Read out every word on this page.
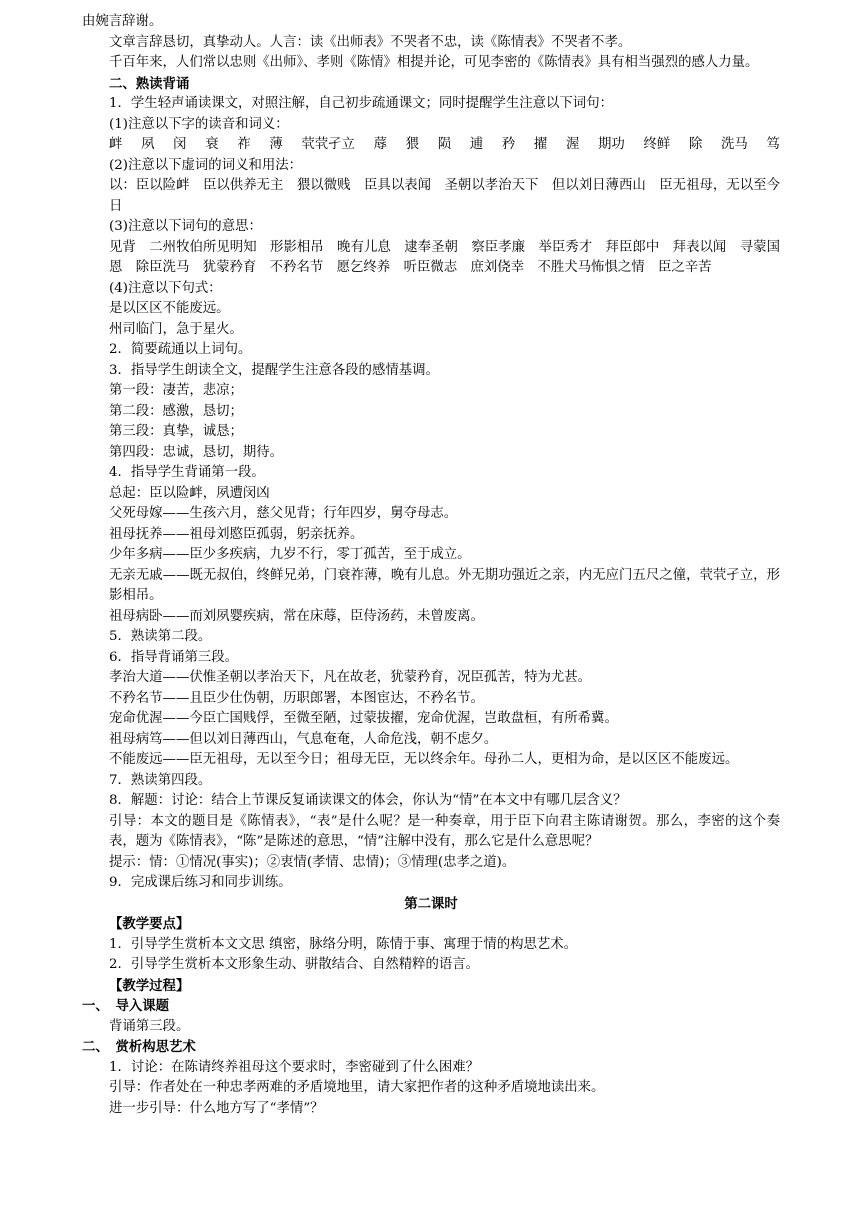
由婉言辞谢。
文章言辞恳切，真挚动人。人言：读《出师表》不哭者不忠，读《陈情表》不哭者不孝。
千百年来，人们常以忠则《出师》、孝则《陈情》相提并论，可见李密的《陈情表》具有相当强烈的感人力量。
二、熟读背诵
1．学生轻声诵读课文，对照注解，自己初步疏通课文；同时提醒学生注意以下词句：
(1)注意以下字的读音和词义：
衅 夙 闵 衰 祚 薄 茕茕孑立 蓐 猥 陨 逋 矜 擢 渥 期功 终鲜 除 洗马 笃
(2)注意以下虚词的词义和用法：
以：臣以险衅　臣以供养无主　猥以微贱　臣具以表闻　圣朝以孝治天下　但以刘日薄西山　臣无祖母，无以至今日
(3)注意以下词句的意思：
见背　二州牧伯所见明知　形影相吊　晚有儿息　逮奉圣朝　察臣孝廉　举臣秀才　拜臣郎中　拜表以闻　寻蒙国恩　除臣洗马　犹蒙矜育　不矜名节　愿乞终养　听臣微志　庶刘侥幸　不胜犬马怖惧之情　臣之辛苦
(4)注意以下句式：
是以区区不能废远。
州司临门，急于星火。
2．简要疏通以上词句。
3．指导学生朗读全文，提醒学生注意各段的感情基调。
第一段：凄苦，悲凉；
第二段：感激，恳切；
第三段：真挚，诚恳；
第四段：忠诚，恳切，期待。
4．指导学生背诵第一段。
总起：臣以险衅，夙遭闵凶
父死母嫁——生孩六月，慈父见背；行年四岁，舅夺母志。
祖母抚养——祖母刘愍臣孤弱，躬亲抚养。
少年多病——臣少多疾病，九岁不行，零丁孤苦，至于成立。
无亲无戚——既无叔伯，终鲜兄弟，门衰祚薄，晚有儿息。外无期功强近之亲，内无应门五尺之僮，茕茕孑立，形影相吊。
祖母病卧——而刘夙婴疾病，常在床蓐，臣侍汤药，未曾废离。
5．熟读第二段。
6．指导背诵第三段。
孝治大道——伏惟圣朝以孝治天下，凡在故老，犹蒙矜育，况臣孤苦，特为尤甚。
不矜名节——且臣少仕伪朝，历职郎署，本图宦达，不矜名节。
宠命优渥——今臣亡国贱俘，至微至陋，过蒙拔擢，宠命优渥，岂敢盘桓，有所希冀。
祖母病笃——但以刘日薄西山，气息奄奄，人命危浅，朝不虑夕。
不能废远——臣无祖母，无以至今日；祖母无臣，无以终余年。母孙二人，更相为命，是以区区不能废远。
7．熟读第四段。
8．解题：讨论：结合上节课反复诵读课文的体会，你认为“情”在本文中有哪几层含义？
引导：本文的题目是《陈情表》，“表”是什么呢？是一种奏章，用于臣下向君主陈请谢贺。那么，李密的这个奏表，题为《陈情表》，“陈”是陈述的意思，“情”注解中没有，那么它是什么意思呢？
提示：情：①情况(事实)；②衷情(孝情、忠情)；③情理(忠孝之道)。
9．完成课后练习和同步训练。
第二课时
【教学要点】
1．引导学生赏析本文文思 缜密，脉络分明，陈情于事、寓理于情的构思艺术。
2．引导学生赏析本文形象生动、骈散结合、自然精粹的语言。
【教学过程】
一、　导入课题
背诵第三段。
二、　赏析构思艺术
1．讨论：在陈请终养祖母这个要求时，李密碰到了什么困难？
引导：作者处在一种忠孝两难的矛盾境地里，请大家把作者的这种矛盾境地读出来。
进一步引导：什么地方写了“孝情”？
